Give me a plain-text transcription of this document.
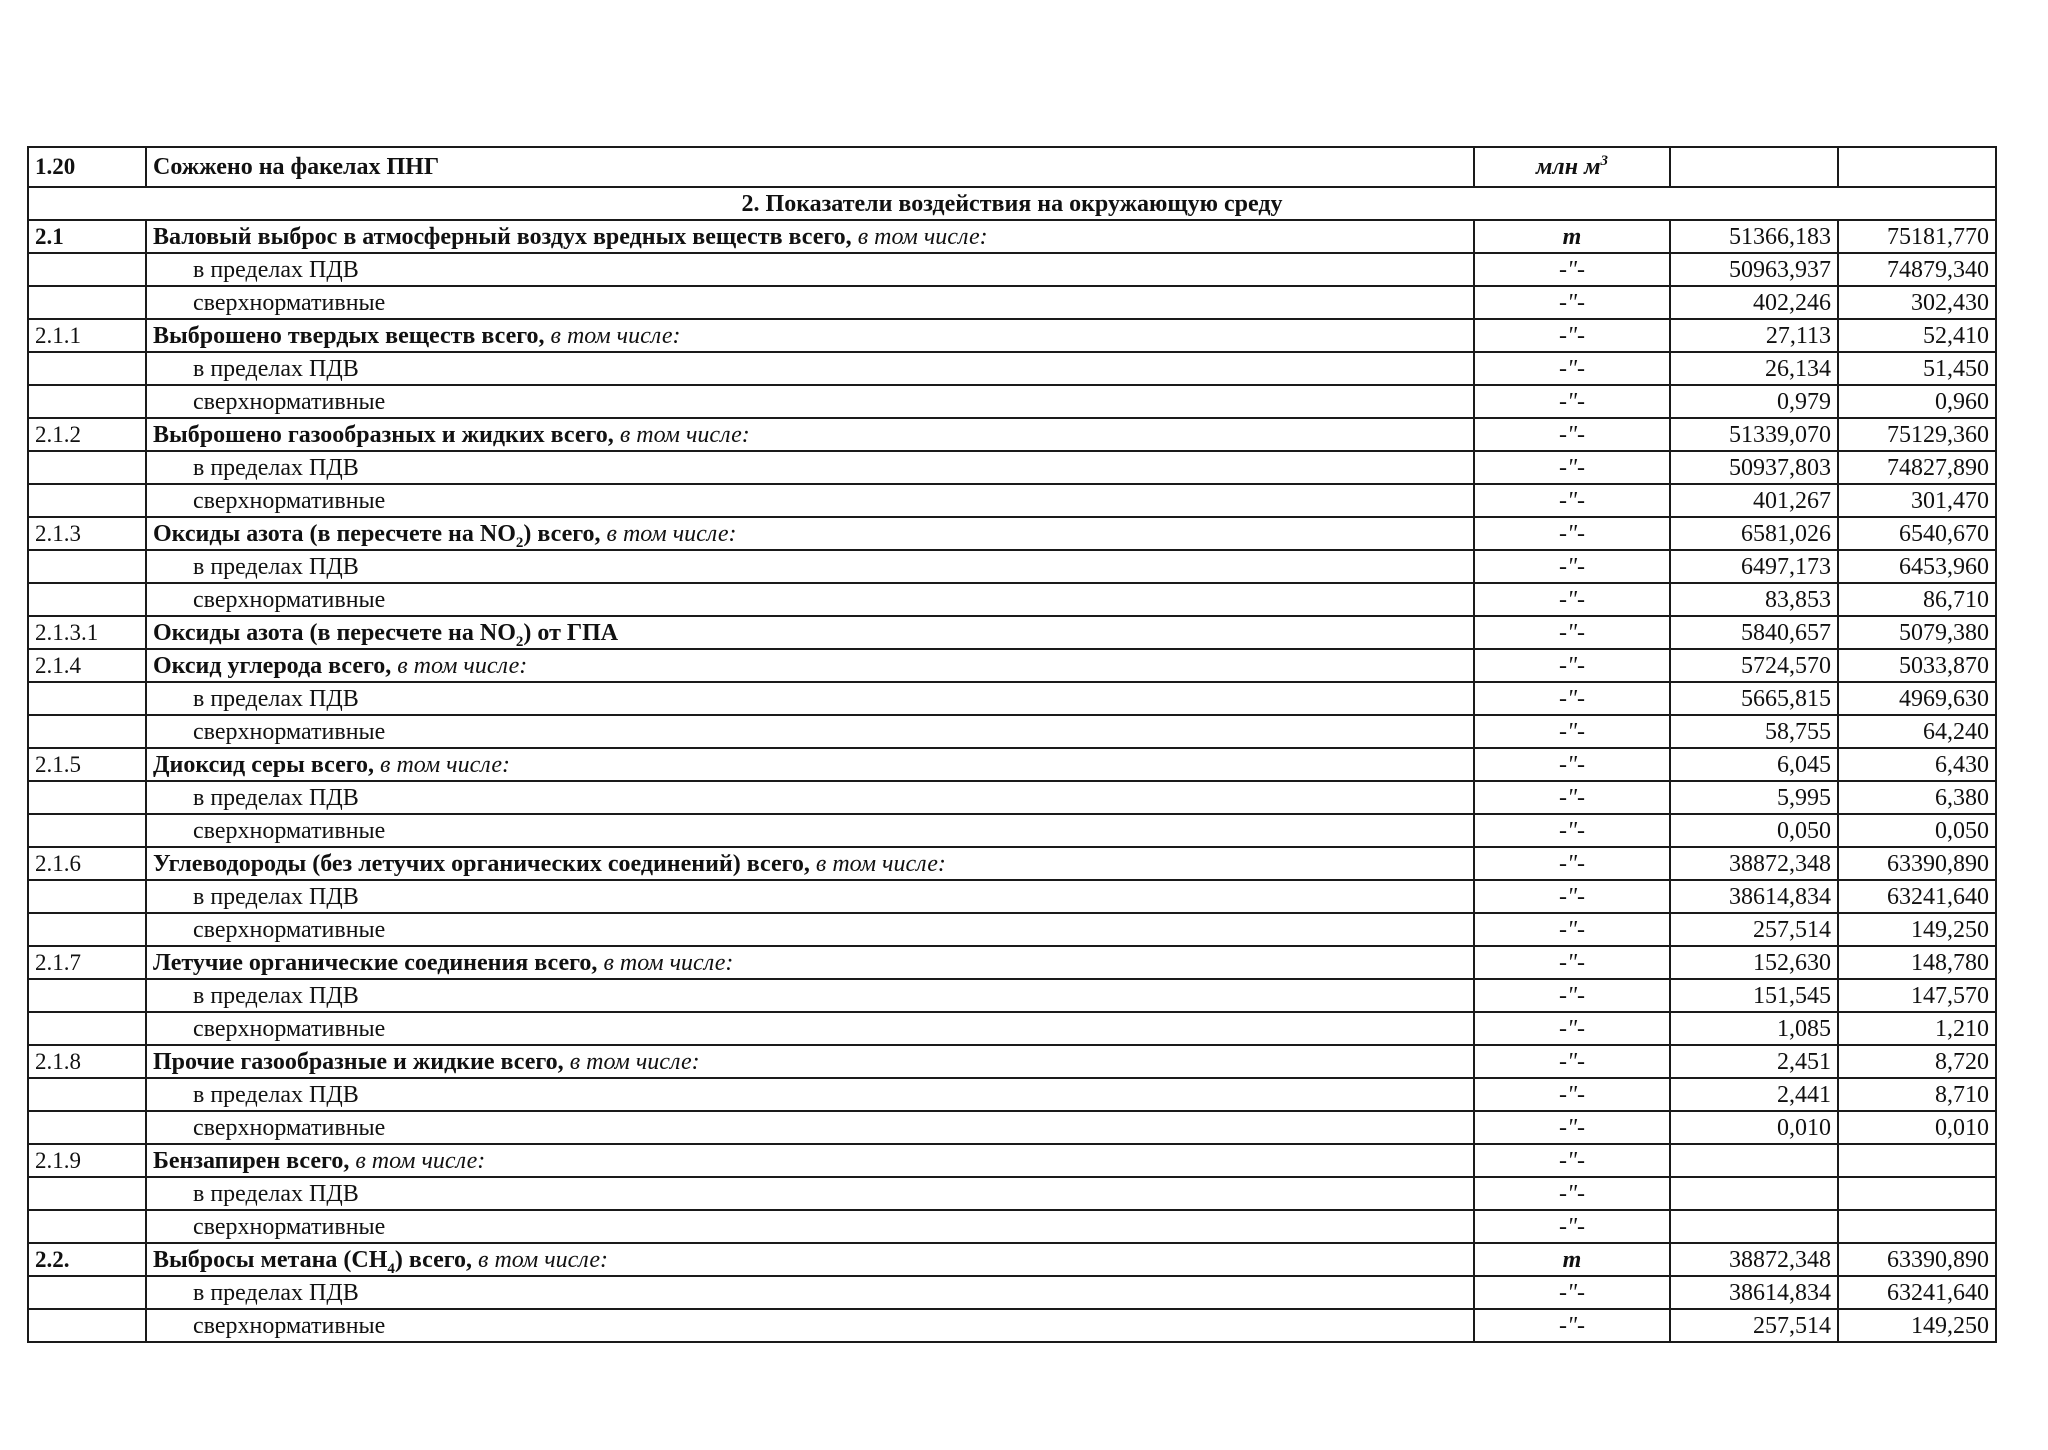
1.20	Сожжено на факелах ПНГ	млн $м^3$		
2. Показатели воздействия на окружающую среду				
2.1	Валовый выброс в атмосферный воздух вредных веществ всего, в том числе:	т	51366,183	75181,770
	в пределах ПДВ	-"-	50963,937	74879,340
	сверхнормативные	-"-	402,246	302,430
2.1.1	Выброшено твердых веществ всего, в том числе:	-"-	27,113	52,410
	в пределах ПДВ	-"-	26,134	51,450
	сверхнормативные	-"-	0,979	0,960
2.1.2	Выброшено газообразных и жидких всего, в том числе:	-"-	51339,070	75129,360
	в пределах ПДВ	-"-	50937,803	74827,890
	сверхнормативные	-"-	401,267	301,470
2.1.3	Оксиды азота (в пересчете на $NO_2$) всего, в том числе:	-"-	6581,026	6540,670
	в пределах ПДВ	-"-	6497,173	6453,960
	сверхнормативные	-"-	83,853	86,710
2.1.3.1	Оксиды азота (в пересчете на $NO_2$) от ГПА	-"-	5840,657	5079,380
2.1.4	Оксид углерода всего, в том числе:	-"-	5724,570	5033,870
	в пределах ПДВ	-"-	5665,815	4969,630
	сверхнормативные	-"-	58,755	64,240
2.1.5	Диоксид серы всего, в том числе:	-"-	6,045	6,430
	в пределах ПДВ	-"-	5,995	6,380
	сверхнормативные	-"-	0,050	0,050
2.1.6	Углеводороды (без летучих органических соединений) всего, в том числе:	-"-	38872,348	63390,890
	в пределах ПДВ	-"-	38614,834	63241,640
	сверхнормативные	-"-	257,514	149,250
2.1.7	Летучие органические соединения всего, в том числе:	-"-	152,630	148,780
	в пределах ПДВ	-"-	151,545	147,570
	сверхнормативные	-"-	1,085	1,210
2.1.8	Прочие газообразные и жидкие всего, в том числе:	-"-	2,451	8,720
	в пределах ПДВ	-"-	2,441	8,710
	сверхнормативные	-"-	0,010	0,010
2.1.9	Бензапирен всего, в том числе:	-"-		
	в пределах ПДВ	-"-		
	сверхнормативные	-"-		
2.2.	Выбросы метана $(CH_4)$ всего, в том числе:	т	38872,348	63390,890
	в пределах ПДВ	-"-	38614,834	63241,640
	сверхнормативные	-"-	257,514	149,250
